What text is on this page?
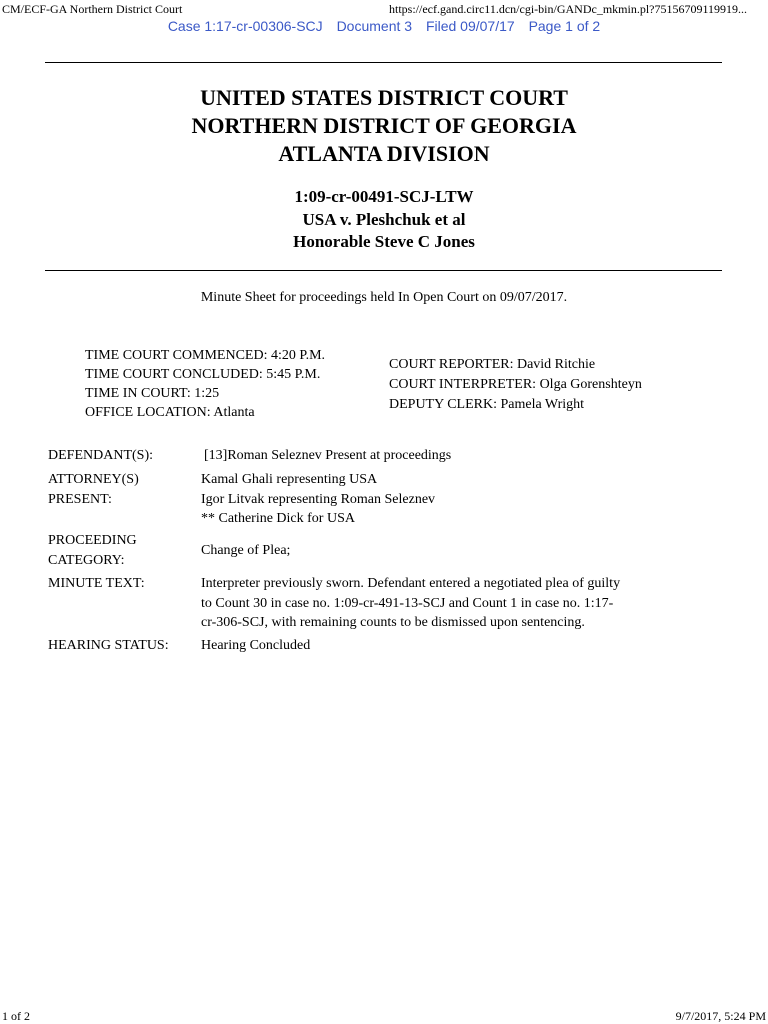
CM/ECF-GA Northern District Court	https://ecf.gand.circ11.dcn/cgi-bin/GANDc_mkmin.pl?75156709119919...
Case 1:17-cr-00306-SCJ Document 3 Filed 09/07/17 Page 1 of 2
UNITED STATES DISTRICT COURT
NORTHERN DISTRICT OF GEORGIA
ATLANTA DIVISION
1:09-cr-00491-SCJ-LTW
USA v. Pleshchuk et al
Honorable Steve C Jones
Minute Sheet for proceedings held In Open Court on 09/07/2017.
TIME COURT COMMENCED: 4:20 P.M.
TIME COURT CONCLUDED: 5:45 P.M.
TIME IN COURT: 1:25
OFFICE LOCATION: Atlanta
COURT REPORTER: David Ritchie
COURT INTERPRETER: Olga Gorenshteyn
DEPUTY CLERK: Pamela Wright
DEFENDANT(S):	[13]Roman Seleznev Present at proceedings
ATTORNEY(S)
PRESENT:
Kamal Ghali representing USA
Igor Litvak representing Roman Seleznev
** Catherine Dick for USA
PROCEEDING
CATEGORY:
Change of Plea;
MINUTE TEXT:	Interpreter previously sworn. Defendant entered a negotiated plea of guilty
to Count 30 in case no. 1:09-cr-491-13-SCJ and Count 1 in case no. 1:17-
cr-306-SCJ, with remaining counts to be dismissed upon sentencing.
HEARING STATUS: Hearing Concluded
1 of 2	9/7/2017, 5:24 PM
